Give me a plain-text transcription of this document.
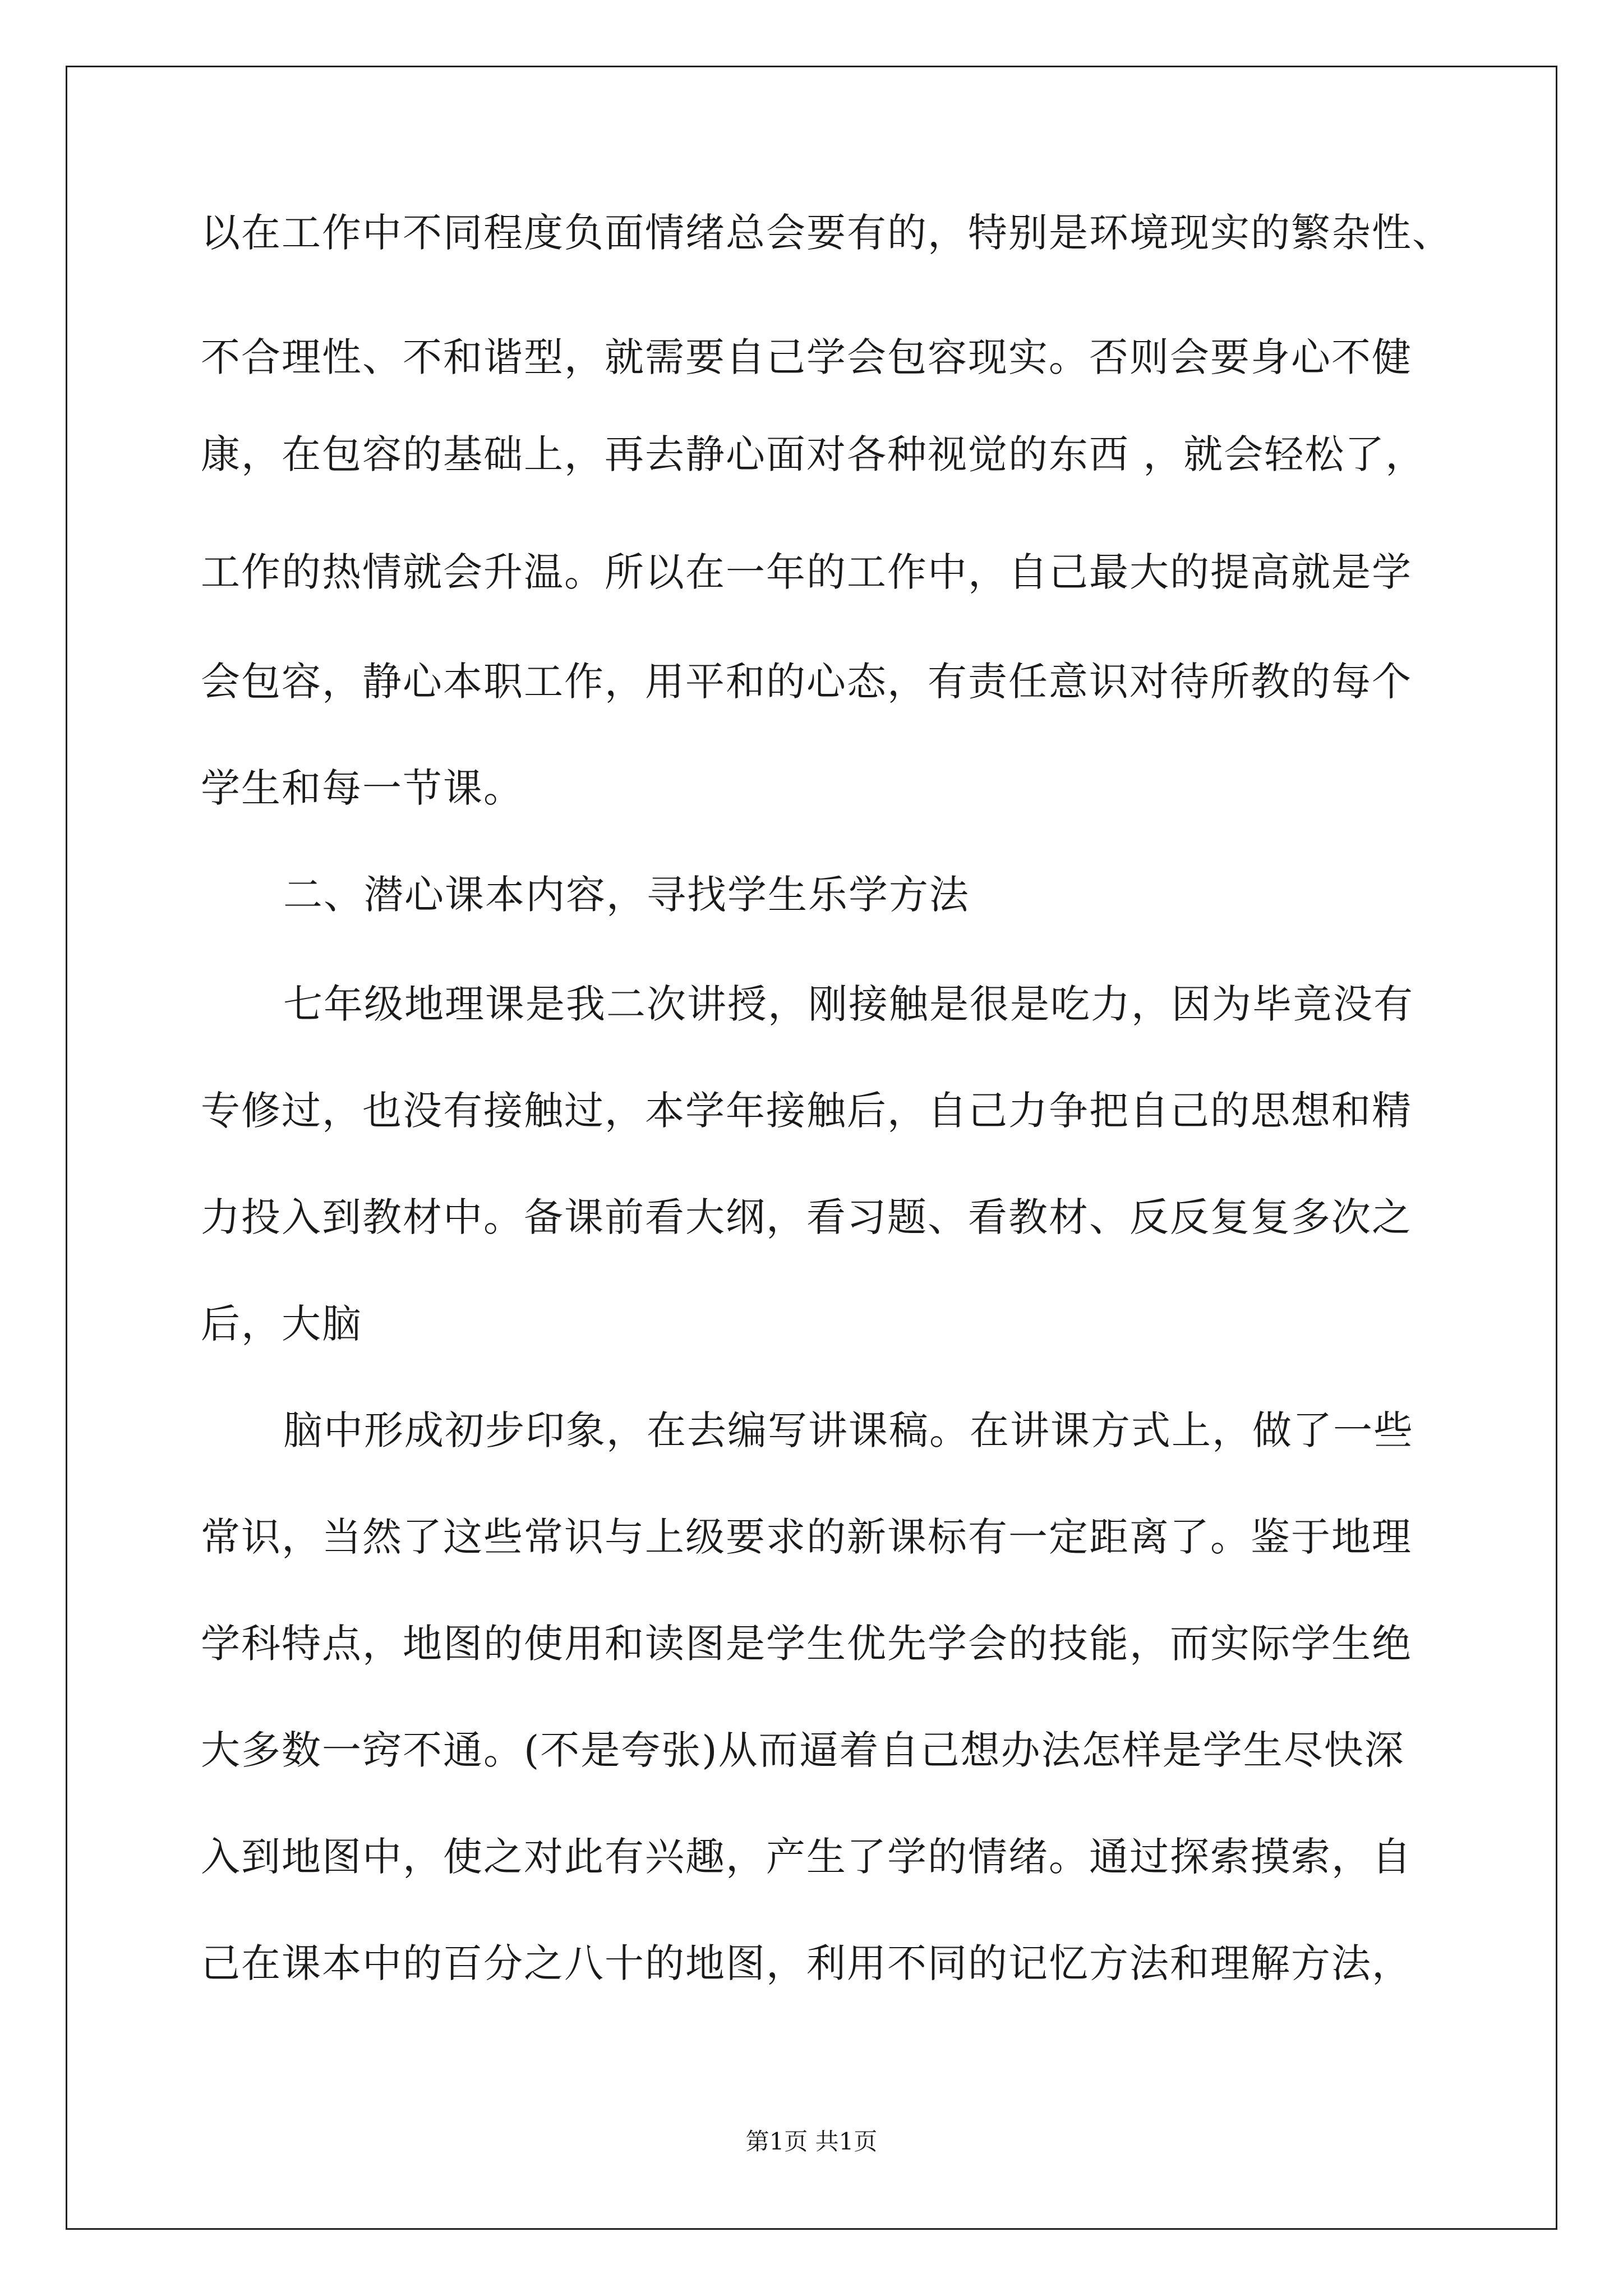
以在工作中不同程度负面情绪总会要有的，特别是环境现实的繁杂性、
不合理性、不和谐型，就需要自己学会包容现实。否则会要身心不健
康，在包容的基础上，再去静心面对各种视觉的东西 ，就会轻松了，
工作的热情就会升温。所以在一年的工作中，自己最大的提高就是学
会包容，静心本职工作，用平和的心态，有责任意识对待所教的每个
学生和每一节课。
二、潜心课本内容，寻找学生乐学方法
七年级地理课是我二次讲授，刚接触是很是吃力，因为毕竟没有
专修过，也没有接触过，本学年接触后，自己力争把自己的思想和精
力投入到教材中。备课前看大纲，看习题、看教材、反反复复多次之
后，大脑
脑中形成初步印象，在去编写讲课稿。在讲课方式上，做了一些
常识，当然了这些常识与上级要求的新课标有一定距离了。鉴于地理
学科特点，地图的使用和读图是学生优先学会的技能，而实际学生绝
大多数一窍不通。(不是夸张)从而逼着自己想办法怎样是学生尽快深
入到地图中，使之对此有兴趣，产生了学的情绪。通过探索摸索，自
己在课本中的百分之八十的地图，利用不同的记忆方法和理解方法，
第1页 共1页
